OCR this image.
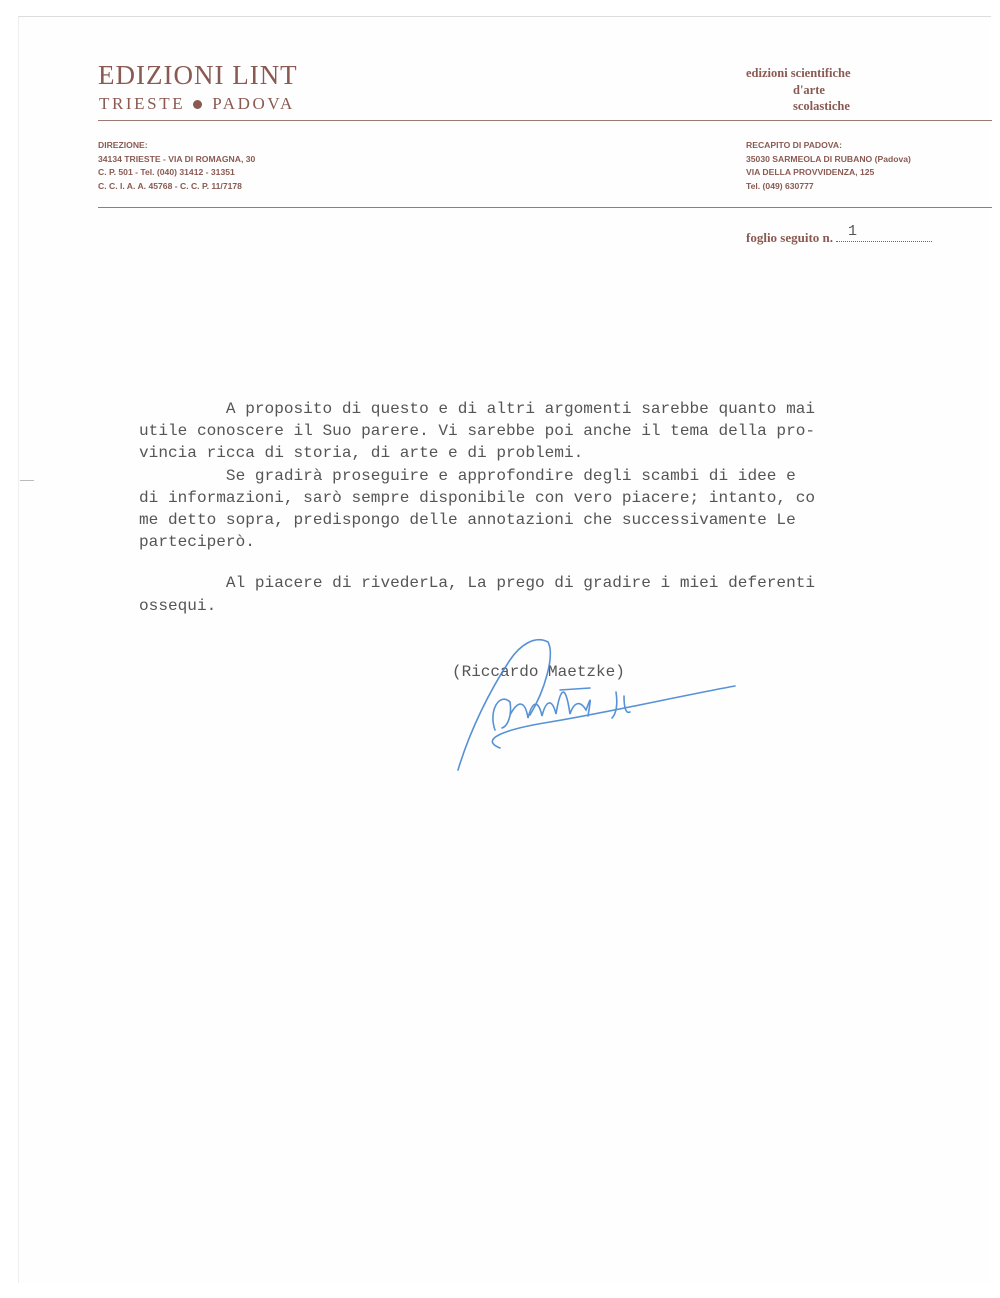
EDIZIONI LINT
TRIESTE PADOVA
edizioni scientifiche
d'arte
scolastiche
DIREZIONE:
34134 TRIESTE - VIA DI ROMAGNA, 30
C. P. 501 - Tel. (040) 31412 - 31351
C. C. I. A. A. 45768 - C. C. P. 11/7178
RECAPITO DI PADOVA:
35030 SARMEOLA DI RUBANO (Padova)
VIA DELLA PROVVIDENZA, 125
Tel. (049) 630777
foglio seguito n. 1
A proposito di questo e di altri argomenti sarebbe quanto mai
utile conoscere il Suo parere. Vi sarebbe poi anche il tema della pro-
vincia ricca di storia, di arte e di problemi.
Se gradirà proseguire e approfondire degli scambi di idee e
di informazioni, sarò sempre disponibile con vero piacere; intanto, co
me detto sopra, predispongo delle annotazioni che successivamente Le
parteciperò.
Al piacere di rivederLa, La prego di gradire i miei deferenti
ossequi.
(Riccardo Maetzke)
